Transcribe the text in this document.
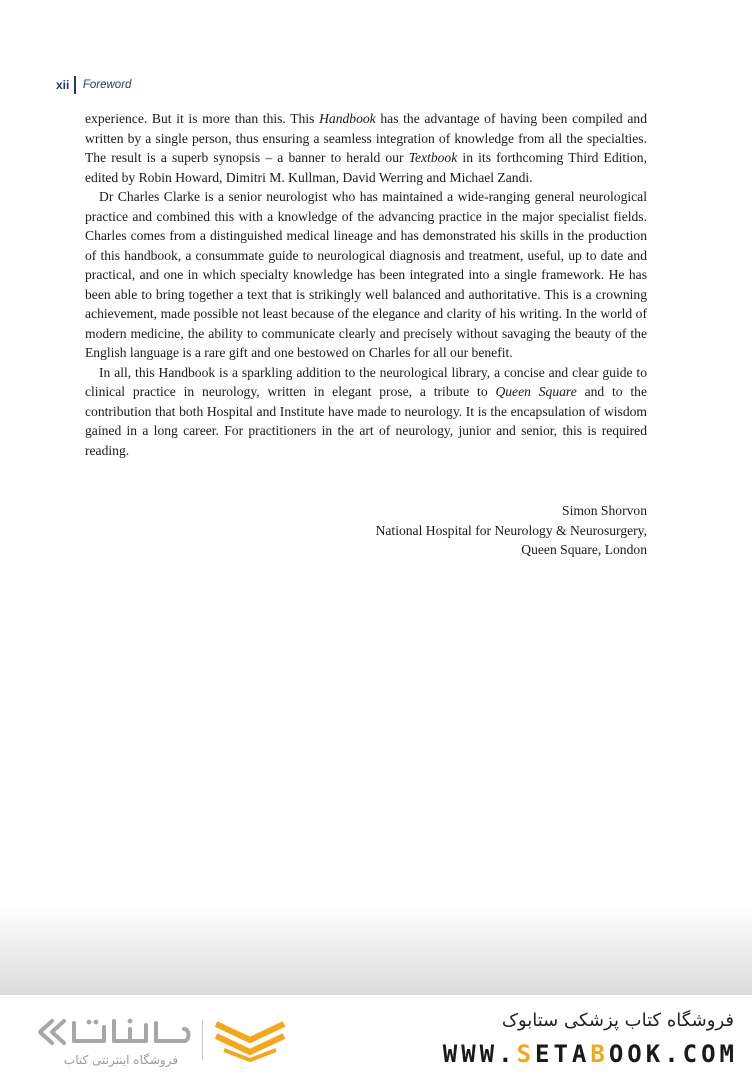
xii	Foreword

experience. But it is more than this. This Handbook has the advantage of having been compiled and written by a single person, thus ensuring a seamless integration of knowledge from all the specialties. The result is a superb synopsis – a banner to herald our Textbook in its forthcoming Third Edition, edited by Robin Howard, Dimitri M. Kullman, David Werring and Michael Zandi.

Dr Charles Clarke is a senior neurologist who has maintained a wide-ranging general neurological practice and combined this with a knowledge of the advancing practice in the major specialist fields. Charles comes from a distinguished medical lineage and has demonstrated his skills in the production of this handbook, a consummate guide to neurological diagnosis and treatment, useful, up to date and practical, and one in which specialty knowledge has been integrated into a single framework. He has been able to bring together a text that is strikingly well balanced and authoritative. This is a crowning achievement, made possible not least because of the elegance and clarity of his writing. In the world of modern medicine, the ability to communicate clearly and precisely without savaging the beauty of the English language is a rare gift and one bestowed on Charles for all our benefit.

In all, this Handbook is a sparkling addition to the neurological library, a concise and clear guide to clinical practice in neurology, written in elegant prose, a tribute to Queen Square and to the contribution that both Hospital and Institute have made to neurology. It is the encapsulation of wisdom gained in a long career. For practitioners in the art of neurology, junior and senior, this is required reading.

Simon Shorvon
National Hospital for Neurology & Neurosurgery,
Queen Square, London
فروشگاه اینترنتی کتاب
فروشگاه کتاب پزشکی ستابوک
WWW.SETABOOK.COM
